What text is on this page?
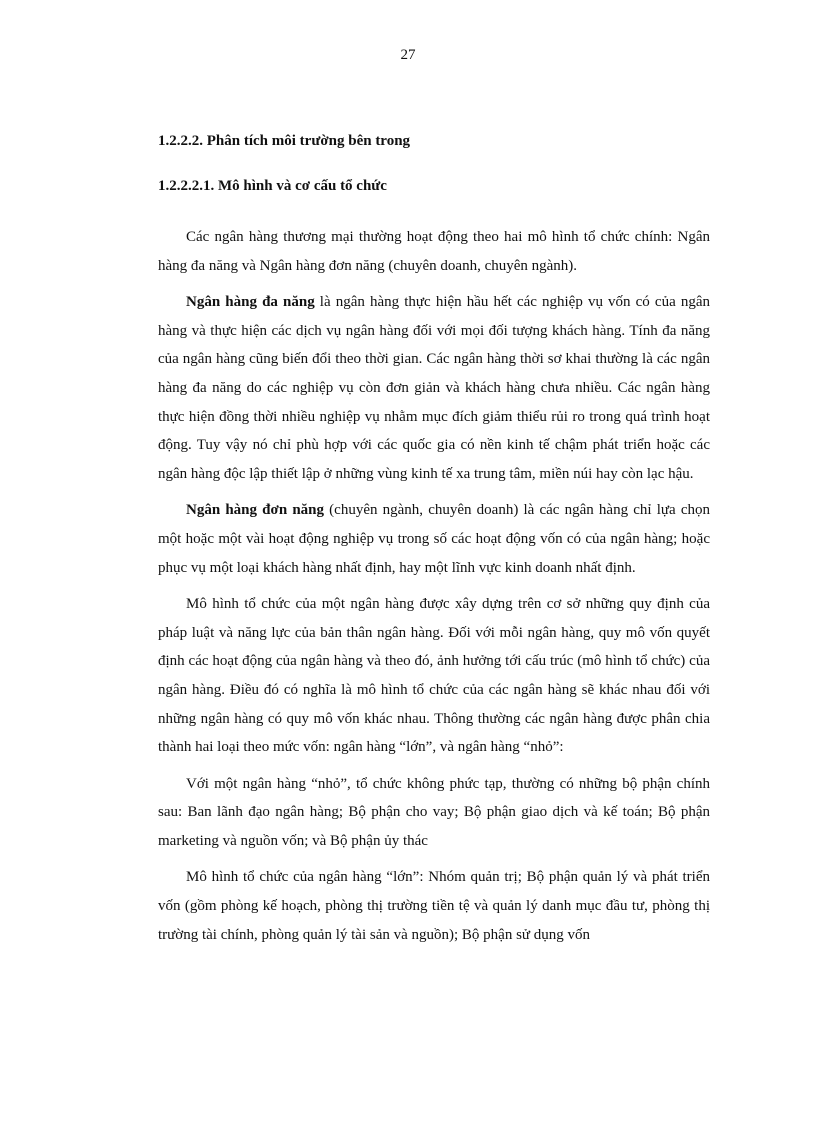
27
1.2.2.2. Phân tích môi trường bên trong
1.2.2.2.1. Mô hình và cơ cấu tổ chức

Các ngân hàng thương mại thường hoạt động theo hai mô hình tổ chức chính: Ngân hàng đa năng và Ngân hàng đơn năng (chuyên doanh, chuyên ngành).

Ngân hàng đa năng là ngân hàng thực hiện hầu hết các nghiệp vụ vốn có của ngân hàng và thực hiện các dịch vụ ngân hàng đối với mọi đối tượng khách hàng. Tính đa năng của ngân hàng cũng biến đổi theo thời gian. Các ngân hàng thời sơ khai thường là các ngân hàng đa năng do các nghiệp vụ còn đơn giản và khách hàng chưa nhiều. Các ngân hàng thực hiện đồng thời nhiều nghiệp vụ nhằm mục đích giảm thiểu rủi ro trong quá trình hoạt động. Tuy vậy nó chỉ phù hợp với các quốc gia có nền kinh tế chậm phát triển hoặc các ngân hàng độc lập thiết lập ở những vùng kinh tế xa trung tâm, miền núi hay còn lạc hậu.

Ngân hàng đơn năng (chuyên ngành, chuyên doanh) là các ngân hàng chỉ lựa chọn một hoặc một vài hoạt động nghiệp vụ trong số các hoạt động vốn có của ngân hàng; hoặc phục vụ một loại khách hàng nhất định, hay một lĩnh vực kinh doanh nhất định.

Mô hình tổ chức của một ngân hàng được xây dựng trên cơ sở những quy định của pháp luật và năng lực của bản thân ngân hàng. Đối với mỗi ngân hàng, quy mô vốn quyết định các hoạt động của ngân hàng và theo đó, ảnh hưởng tới cấu trúc (mô hình tổ chức) của ngân hàng. Điều đó có nghĩa là mô hình tổ chức của các ngân hàng sẽ khác nhau đối với những ngân hàng có quy mô vốn khác nhau. Thông thường các ngân hàng được phân chia thành hai loại theo mức vốn: ngân hàng “lớn”, và ngân hàng “nhỏ”:

Với một ngân hàng “nhỏ”, tổ chức không phức tạp, thường có những bộ phận chính sau: Ban lãnh đạo ngân hàng; Bộ phận cho vay; Bộ phận giao dịch và kế toán; Bộ phận marketing và nguồn vốn; và Bộ phận ủy thác

Mô hình tổ chức của ngân hàng “lớn”: Nhóm quản trị; Bộ phận quản lý và phát triển vốn (gồm phòng kế hoạch, phòng thị trường tiền tệ và quản lý danh mục đầu tư, phòng thị trường tài chính, phòng quản lý tài sản và nguồn); Bộ phận sử dụng vốn
